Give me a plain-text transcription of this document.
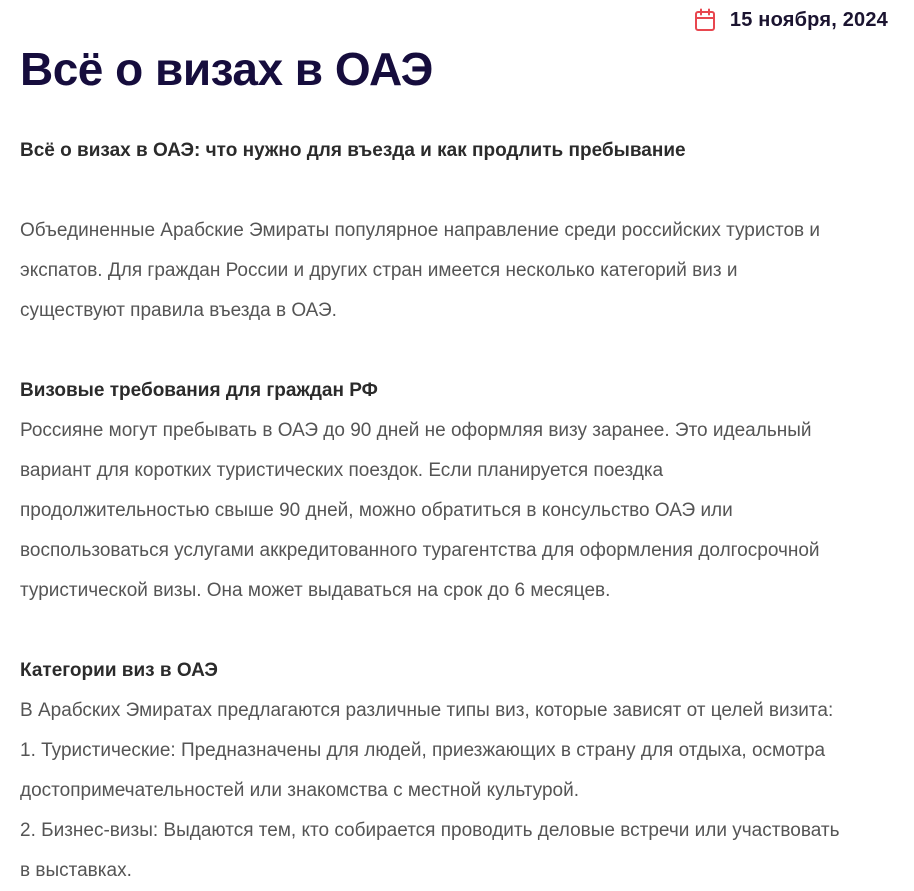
15 ноября, 2024
Всё о визах в ОАЭ

Всё о визах в ОАЭ: что нужно для въезда и как продлить пребывание

Объединенные Арабские Эмираты популярное направление среди российских туристов и

экспатов. Для граждан России и других стран имеется несколько категорий виз и

существуют правила въезда в ОАЭ.

Визовые требования для граждан РФ

Россияне могут пребывать в ОАЭ до 90 дней не оформляя визу заранее. Это идеальный

вариант для коротких туристических поездок. Если планируется поездка

продолжительностью свыше 90 дней, можно обратиться в консульство ОАЭ или

воспользоваться услугами аккредитованного турагентства для оформления долгосрочной

туристической визы. Она может выдаваться на срок до 6 месяцев.

Категории виз в ОАЭ

В Арабских Эмиратах предлагаются различные типы виз, которые зависят от целей визита:

1. Туристические: Предназначены для людей, приезжающих в страну для отдыха, осмотра

достопримечательностей или знакомства с местной культурой.

2. Бизнес-визы: Выдаются тем, кто собирается проводить деловые встречи или участвовать

в выставках.
